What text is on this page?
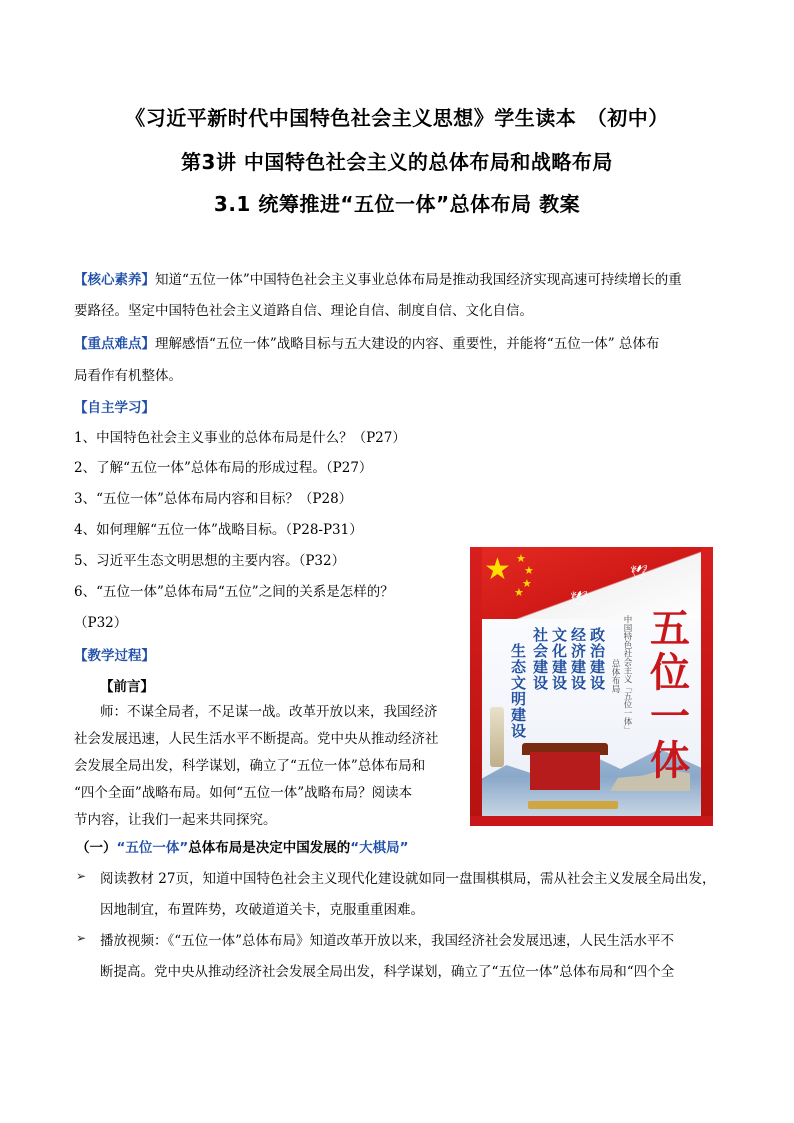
《习近平新时代中国特色社会主义思想》学生读本　（初中）
第3讲 中国特色社会主义的总体布局和战略布局
3.1 统筹推进“五位一体”总体布局 教案
【核心素养】知道“五位一体”中国特色社会主义事业总体布局是推动我国经济实现高速可持续增长的重
要路径。坚定中国特色社会主义道路自信、理论自信、制度自信、文化自信。
【重点难点】理解感悟“五位一体”战略目标与五大建设的内容、重要性，并能将“五位一体” 总体布
局看作有机整体。
【自主学习】
1、中国特色社会主义事业的总体布局是什么？（P27）
2、了解“五位一体”总体布局的形成过程。（P27）
3、“五位一体”总体布局内容和目标？（P28）
4、如何理解“五位一体”战略目标。（P28-P31）
5、习近平生态文明思想的主要内容。（P32）
6、“五位一体”总体布局“五位”之间的关系是怎样的？
（P32）
【教学过程】
【前言】
师：不谋全局者，不足谋一战。改革开放以来，我国经济
社会发展迅速，人民生活水平不断提高。党中央从推动经济社
会发展全局出发，科学谋划，确立了“五位一体”总体布局和
“四个全面”战略布局。如何“五位一体”战略布局？阅读本
（一）“五位一体”总体布局是决定中国发展的“大棋局”
➢ 阅读教材 27页，知道中国特色社会主义现代化建设就如同一盘围棋棋局，需从社会主义发展全局出发，
因地制宜，布置阵势，攻破道道关卡，克服重重困难。
➢ 播放视频：《“五位一体”总体布局》知道改革开放以来，我国经济社会发展迅速，人民生活水平不
断提高。党中央从推动经济社会发展全局出发，科学谋划，确立了“五位一体”总体布局和“四个全
★ ★
★
★
★	🕊
🕊
五
位
一
体
中国特色社会主义「五位一体」
总体布局
政治建设
经济建设
文化建设
社会建设
生态文明建设
节内容，让我们一起来共同探究。
